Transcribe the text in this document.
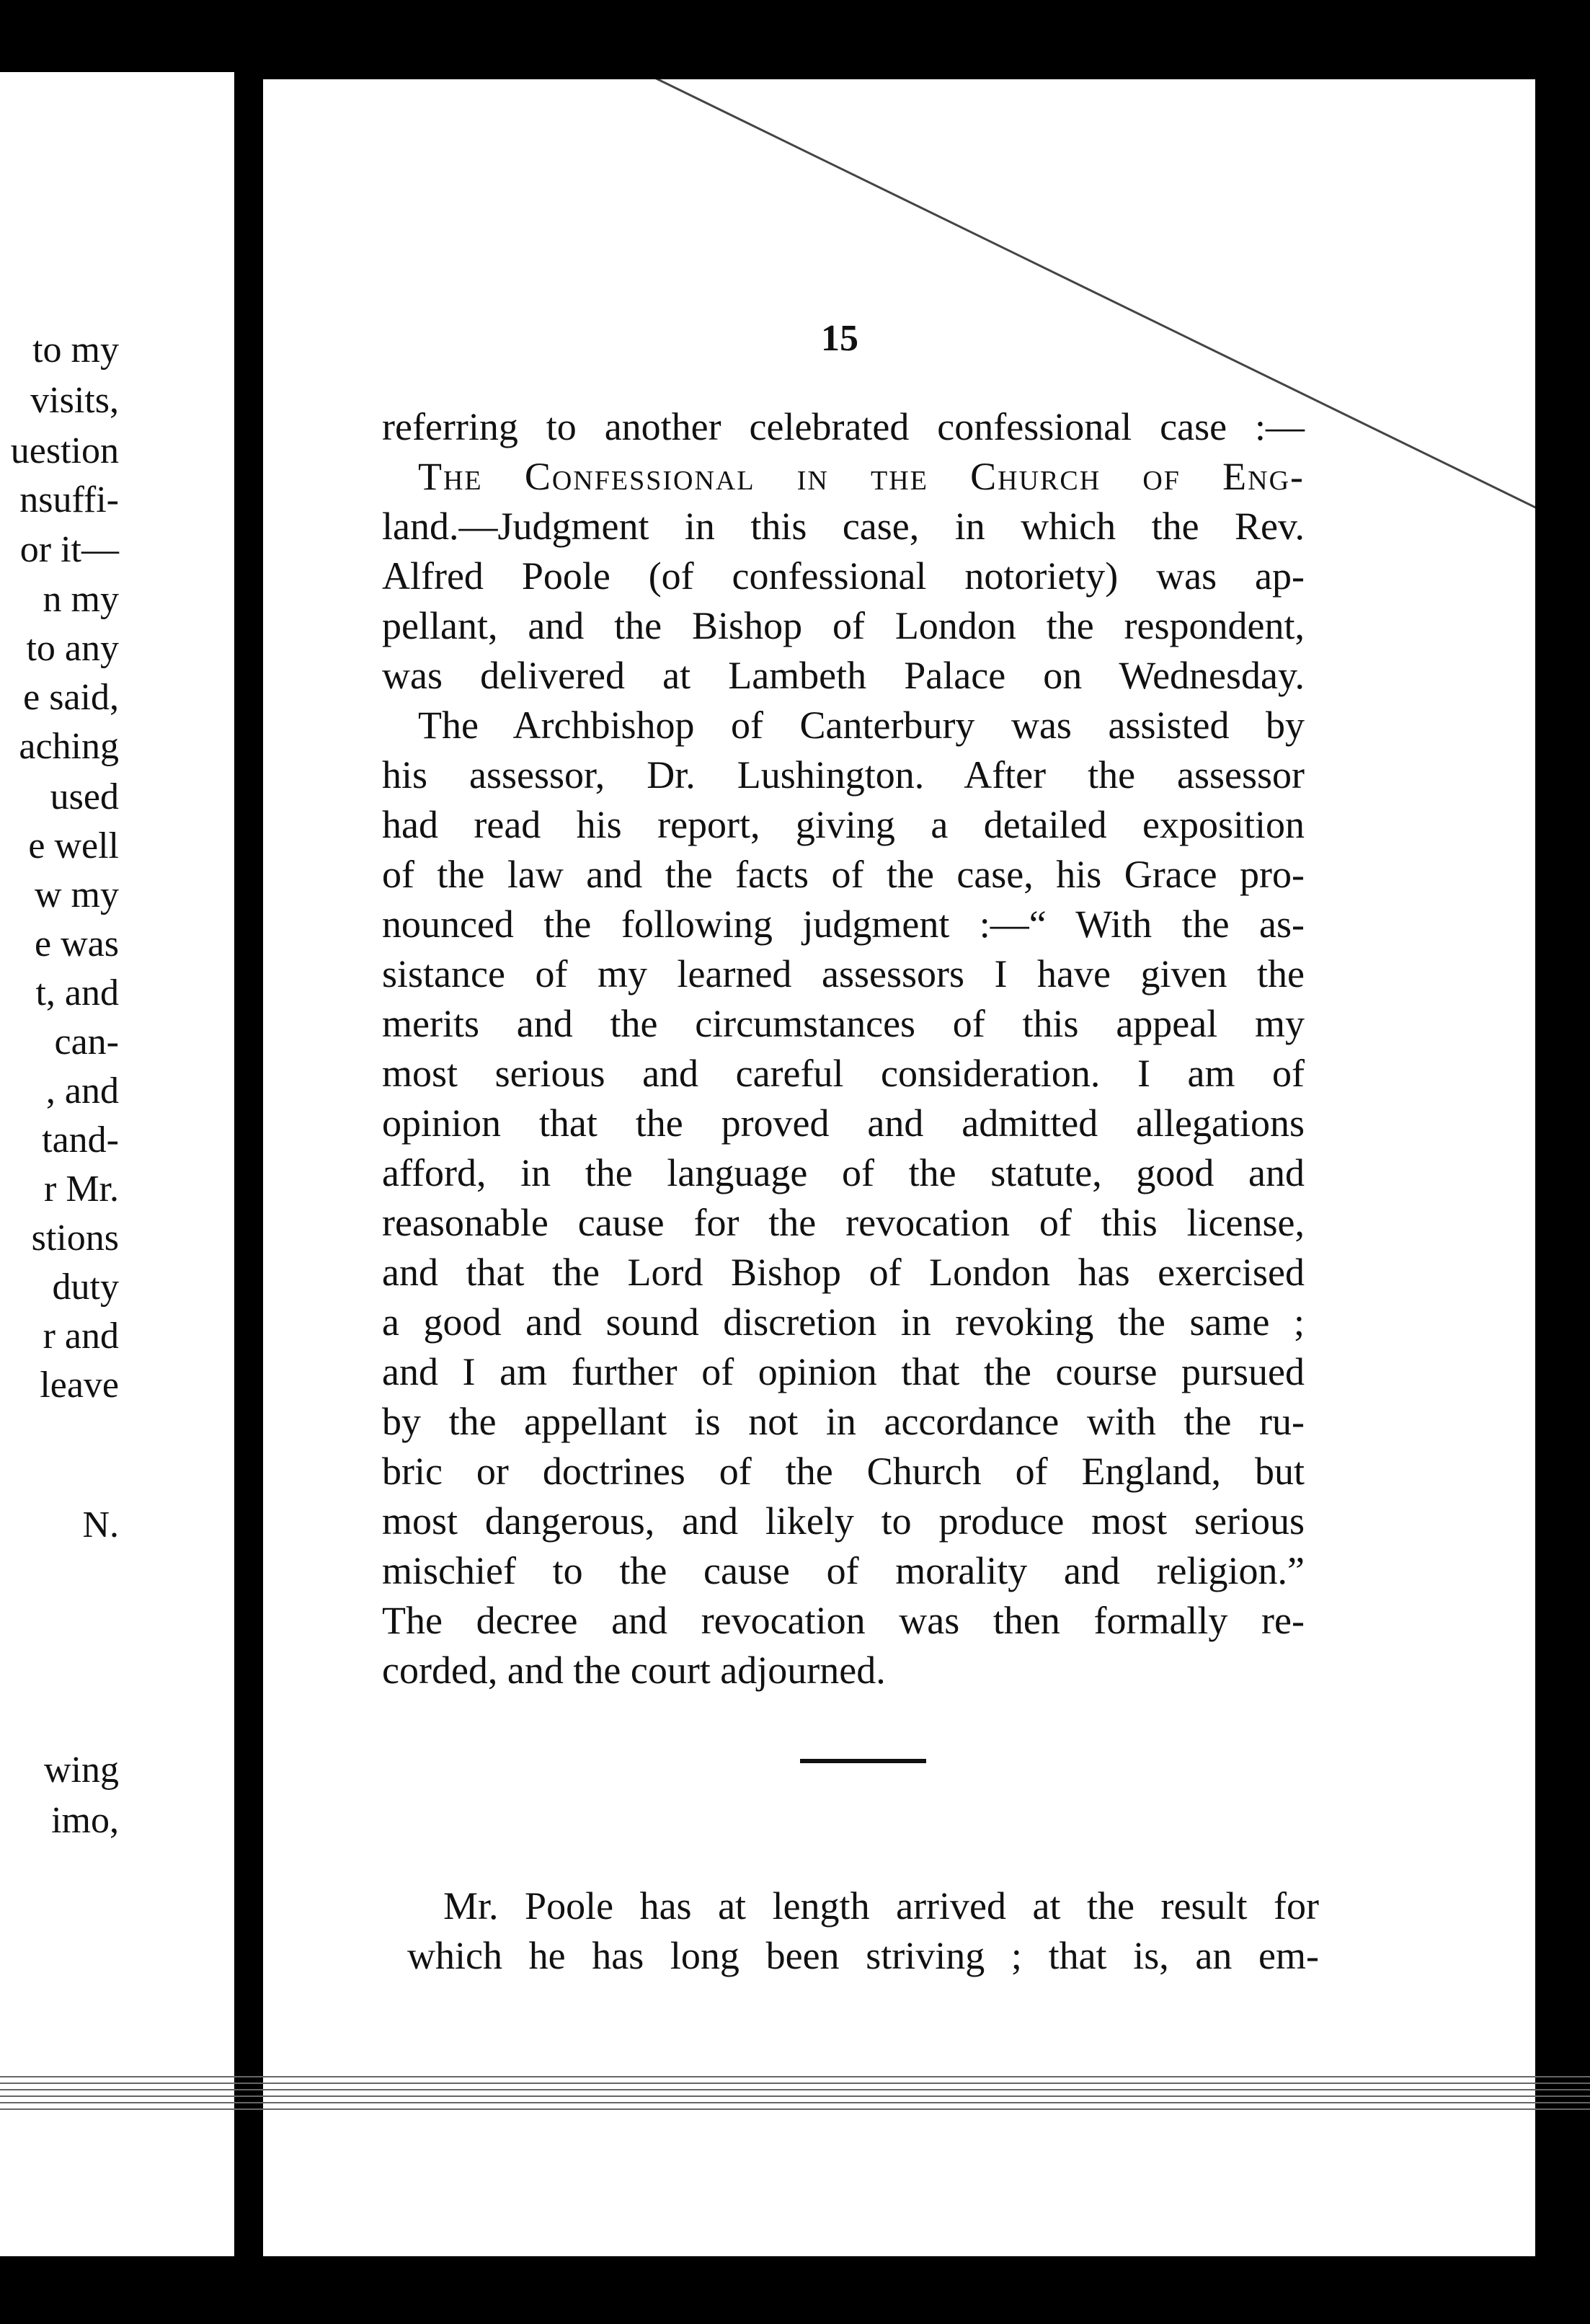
to my
visits,
uestion
nsuffi-
or it—
n my
to any
e said,
aching
used
e well
w my
e was
t, and
can-
, and
tand-
r Mr.
stions
duty
r and
leave
N.
wing
imo,
15
referring to another celebrated confessional case :—
The Confessional in the Church of Eng-
land.—Judgment in this case, in which the Rev.
Alfred Poole (of confessional notoriety) was ap-
pellant, and the Bishop of London the respondent,
was delivered at Lambeth Palace on Wednesday.
The Archbishop of Canterbury was assisted by
his assessor, Dr. Lushington. After the assessor
had read his report, giving a detailed exposition
of the law and the facts of the case, his Grace pro-
nounced the following judgment :—“ With the as-
sistance of my learned assessors I have given the
merits and the circumstances of this appeal my
most serious and careful consideration. I am of
opinion that the proved and admitted allegations
afford, in the language of the statute, good and
reasonable cause for the revocation of this license,
and that the Lord Bishop of London has exercised
a good and sound discretion in revoking the same ;
and I am further of opinion that the course pursued
by the appellant is not in accordance with the ru-
bric or doctrines of the Church of England, but
most dangerous, and likely to produce most serious
mischief to the cause of morality and religion.”
The decree and revocation was then formally re-
corded, and the court adjourned.
Mr. Poole has at length arrived at the result for
which he has long been striving ; that is, an em-
